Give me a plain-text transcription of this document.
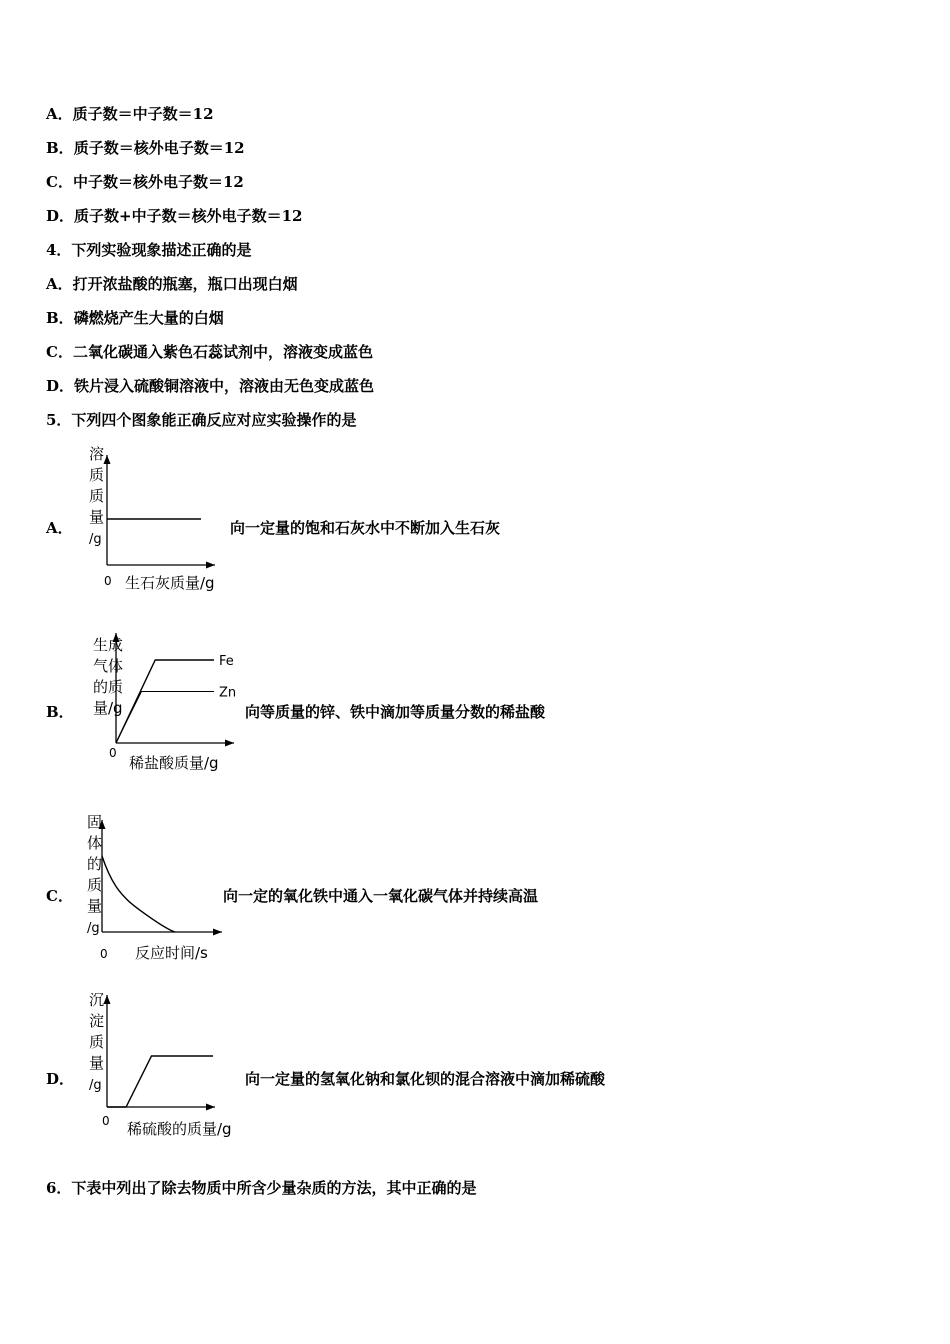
A．质子数＝中子数＝12
B．质子数＝核外电子数＝12
C．中子数＝核外电子数＝12
D．质子数+中子数＝核外电子数＝12
4．下列实验现象描述正确的是
A．打开浓盐酸的瓶塞，瓶口出现白烟
B．磷燃烧产生大量的白烟
C．二氧化碳通入紫色石蕊试剂中，溶液变成蓝色
D．铁片浸入硫酸铜溶液中，溶液由无色变成蓝色
5．下列四个图象能正确反应对应实验操作的是
A．
溶
质
质
量
/g
0 生石灰质量/g
向一定量的饱和石灰水中不断加入生石灰
B．
生成
气体
的质
量/g
0
稀盐酸质量/g
Fe
Zn
向等质量的锌、铁中滴加等质量分数的稀盐酸
C．
固
体
的
质
量
/g
0 反应时间/s
向一定的氧化铁中通入一氧化碳气体并持续高温
D．
沉
淀
质
量
/g
0 稀硫酸的质量/g
向一定量的氢氧化钠和氯化钡的混合溶液中滴加稀硫酸
6．下表中列出了除去物质中所含少量杂质的方法，其中正确的是
